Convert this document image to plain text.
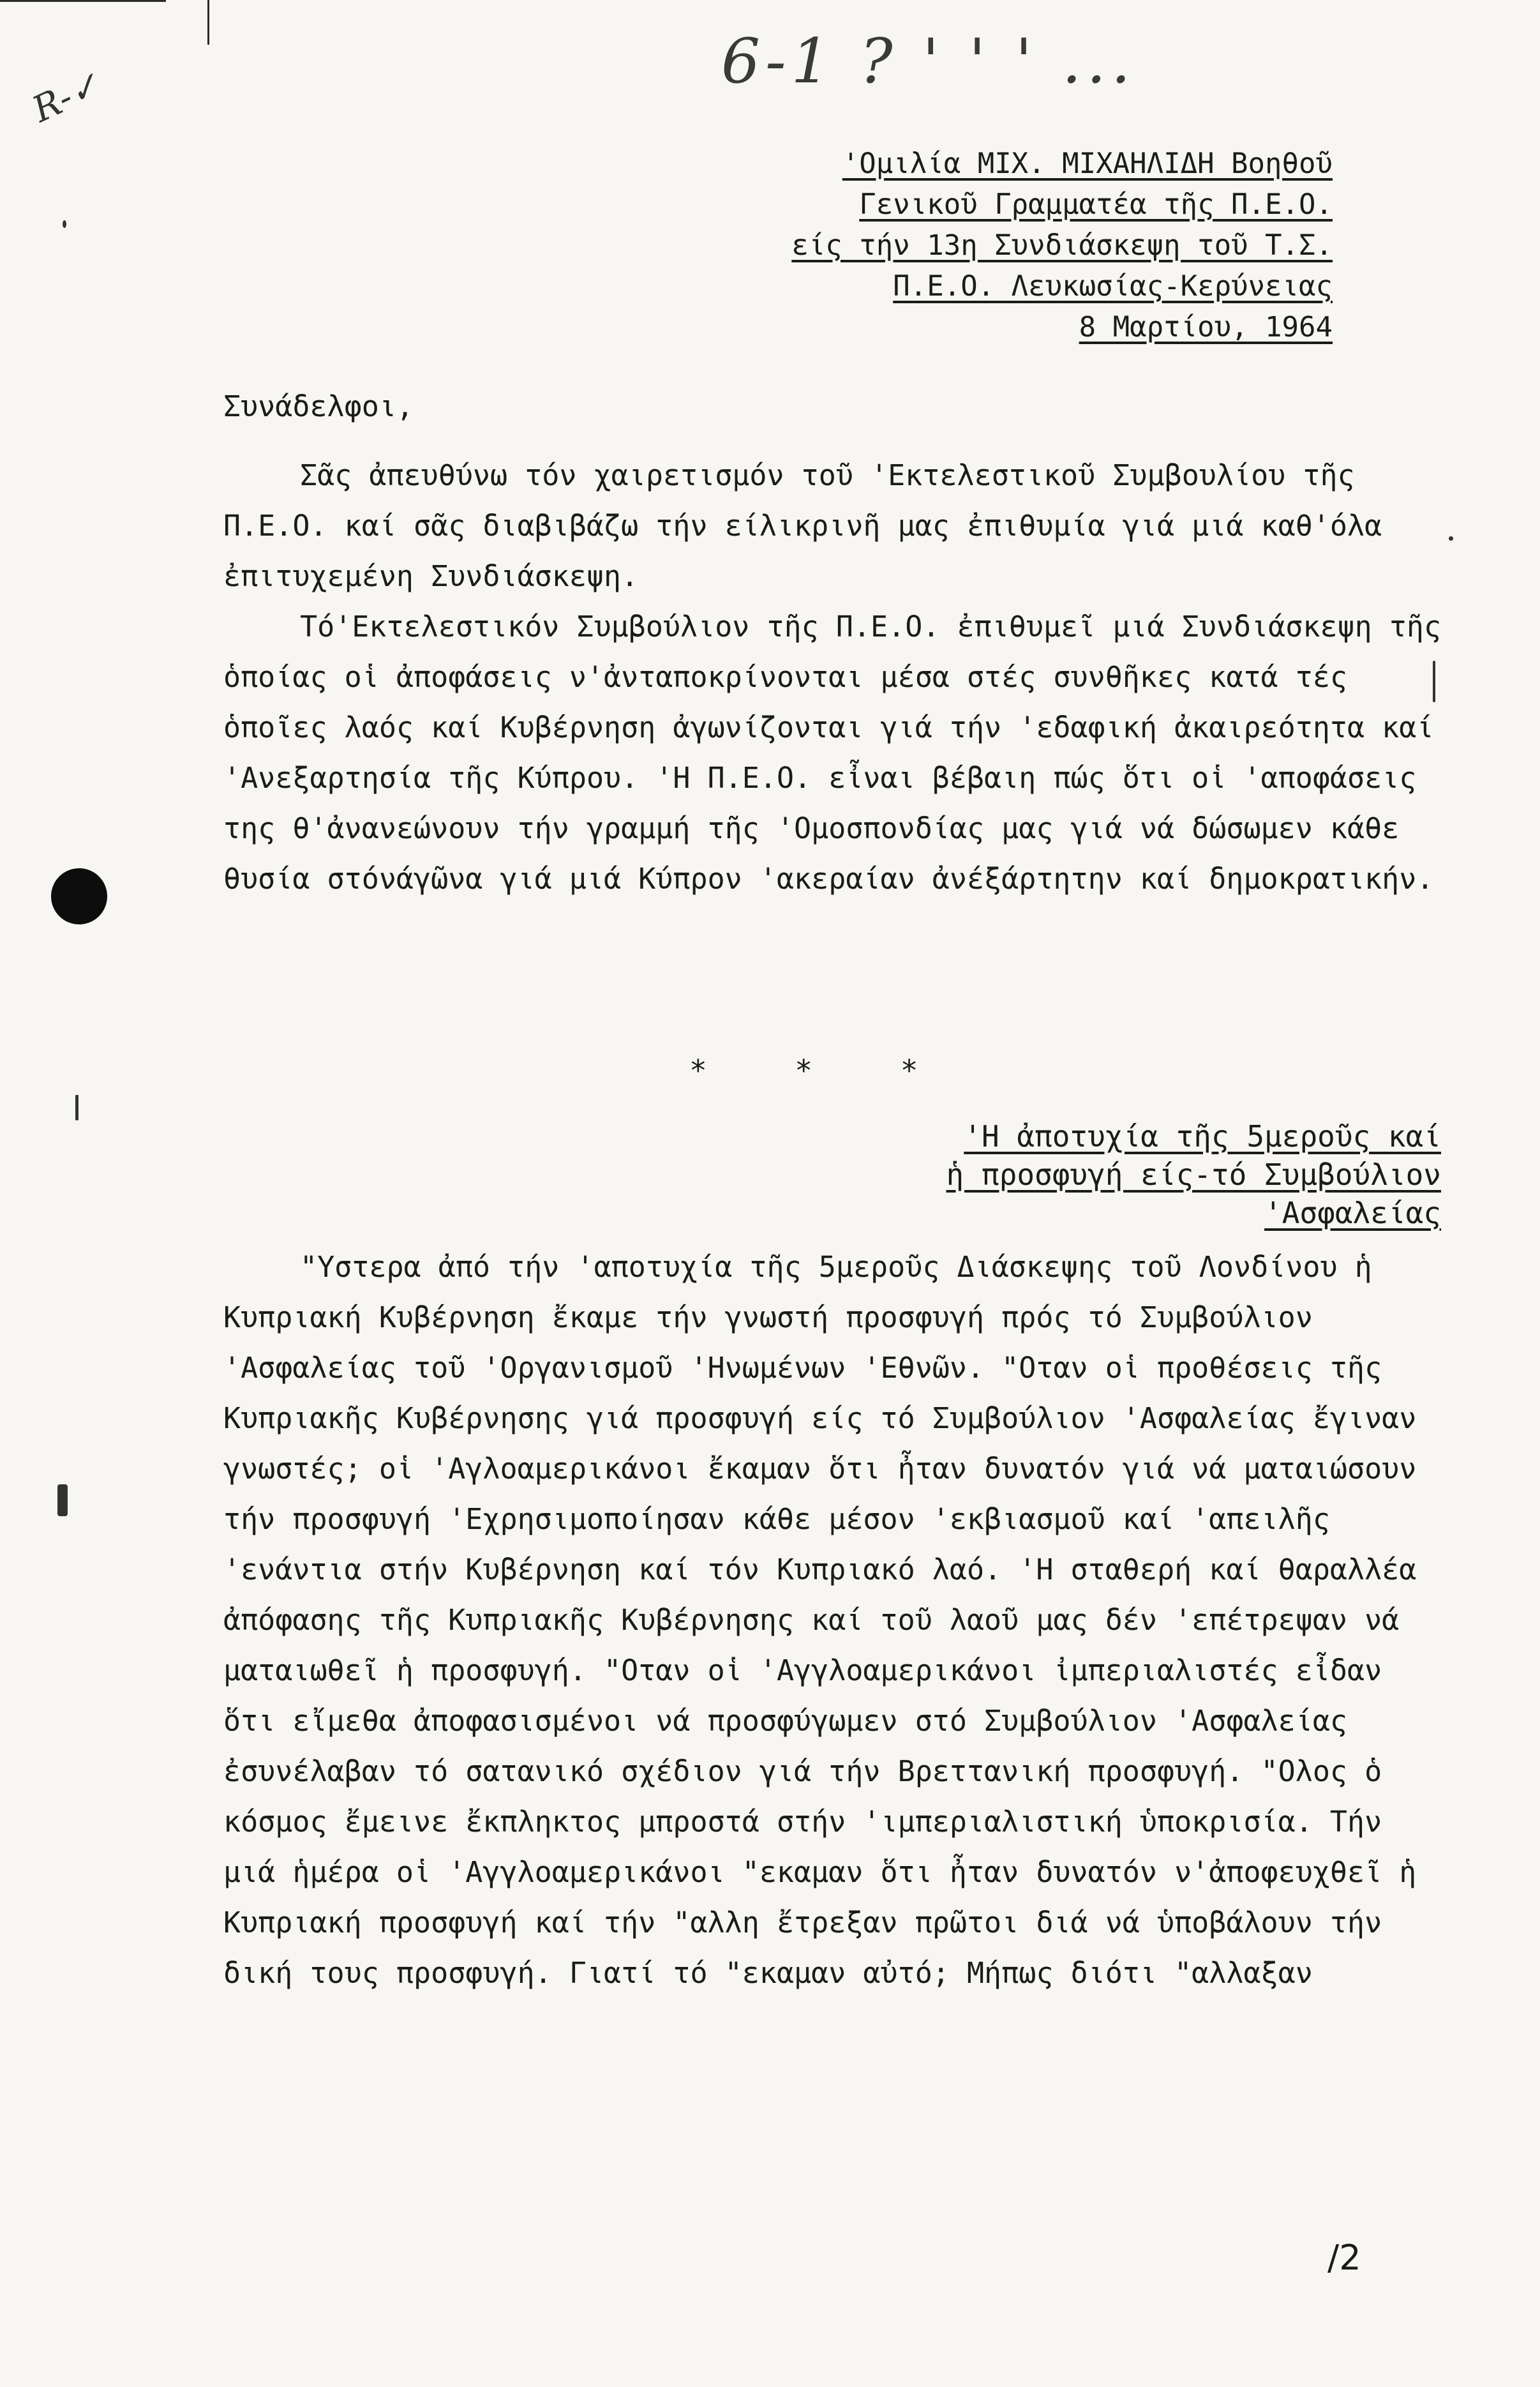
6-1 ? ' ' ' ...
R-✓
'Ομιλία ΜΙΧ. ΜΙΧΑΗΛΙΔΗ Βοηθοῦ
Γενικοῦ Γραμματέα τῆς Π.Ε.Ο.
είς τήν 13η Συνδιάσκεψη τοῦ Τ.Σ.
Π.Ε.Ο. Λευκωσίας-Κερύνειας
8 Μαρτίου, 1964
Συνάδελφοι,

Σᾶς ἀπευθύνω τόν χαιρετισμόν τοῦ 'Εκτελεστικοῦ Συμβουλίου τῆς Π.Ε.Ο. καί σᾶς διαβιβάζω τήν είλικρινῆ μας ἐπιθυμία γιά μιά καθ'όλα ἐπιτυχεμένη Συνδιάσκεψη.

Τό'Εκτελεστικόν Συμβούλιον τῆς Π.Ε.Ο. ἐπιθυμεῖ μιά Συνδιάσκεψη τῆς ὁποίας οἱ ἀποφάσεις ν'ἀνταποκρίνονται μέσα στές συνθῆκες κατά τές ὁποῖες λαός καί Κυβέρνηση ἀγωνίζονται γιά τήν 'εδαφική ἀκαιρεότητα καί 'Ανεξαρτησία τῆς Κύπρου. 'Η Π.Ε.Ο. εἶναι βέβαιη πώς ὅτι οἱ 'αποφάσεις της θ'ἀνανεώνουν τήν γραμμή τῆς 'Ομοσπονδίας μας γιά νά δώσωμεν κάθε θυσία στόνάγῶνα γιά μιά Κύπρον 'ακεραίαν ἀνέξάρτητην καί δημοκρατικήν.

* * *
'Η ἀποτυχία τῆς 5μεροῦς καί
ἡ προσφυγή είς-τό Συμβούλιον
'Ασφαλείας

"Υστερα ἀπό τήν 'αποτυχία τῆς 5μεροῦς Διάσκεψης τοῦ Λονδίνου ἡ Κυπριακή Κυβέρνηση ἔκαμε τήν γνωστή προσφυγή πρός τό Συμβούλιον 'Ασφαλείας τοῦ 'Οργανισμοῦ 'Ηνωμένων 'Εθνῶν. "Οταν οἱ προθέσεις τῆς Κυπριακῆς Κυβέρνησης γιά προσφυγή είς τό Συμβούλιον 'Ασφαλείας ἔγιναν γνωστές; οἱ 'Αγλοαμερικάνοι ἔκαμαν ὅτι ἦταν δυνατόν γιά νά ματαιώσουν τήν προσφυγή 'Εχρησιμοποίησαν κάθε μέσον 'εκβιασμοῦ καί 'απειλῆς 'ενάντια στήν Κυβέρνηση καί τόν Κυπριακό λαό. 'Η σταθερή καί θαραλλέα ἀπόφασης τῆς Κυπριακῆς Κυβέρνησης καί τοῦ λαοῦ μας δέν 'επέτρεψαν νά ματαιωθεῖ ἡ προσφυγή. "Οταν οἱ 'Αγγλοαμερικάνοι ἰμπεριαλιστές εἶδαν ὅτι εἴμεθα ἀποφασισμένοι νά προσφύγωμεν στό Συμβούλιον 'Ασφαλείας ἐσυνέλαβαν τό σατανικό σχέδιον γιά τήν Βρεττανική προσφυγή. "Ολος ὁ κόσμος ἔμεινε ἔκπληκτος μπροστά στήν 'ιμπεριαλιστική ὑποκρισία. Τήν μιά ἡμέρα οἱ 'Αγγλοαμερικάνοι "εκαμαν ὅτι ἦταν δυνατόν ν'ἀποφευχθεῖ ἡ Κυπριακή προσφυγή καί τήν "αλλη ἔτρεξαν πρῶτοι διά νά ὑποβάλουν τήν δική τους προσφυγή. Γιατί τό "εκαμαν αὐτό; Μήπως διότι "αλλαξαν

/2
